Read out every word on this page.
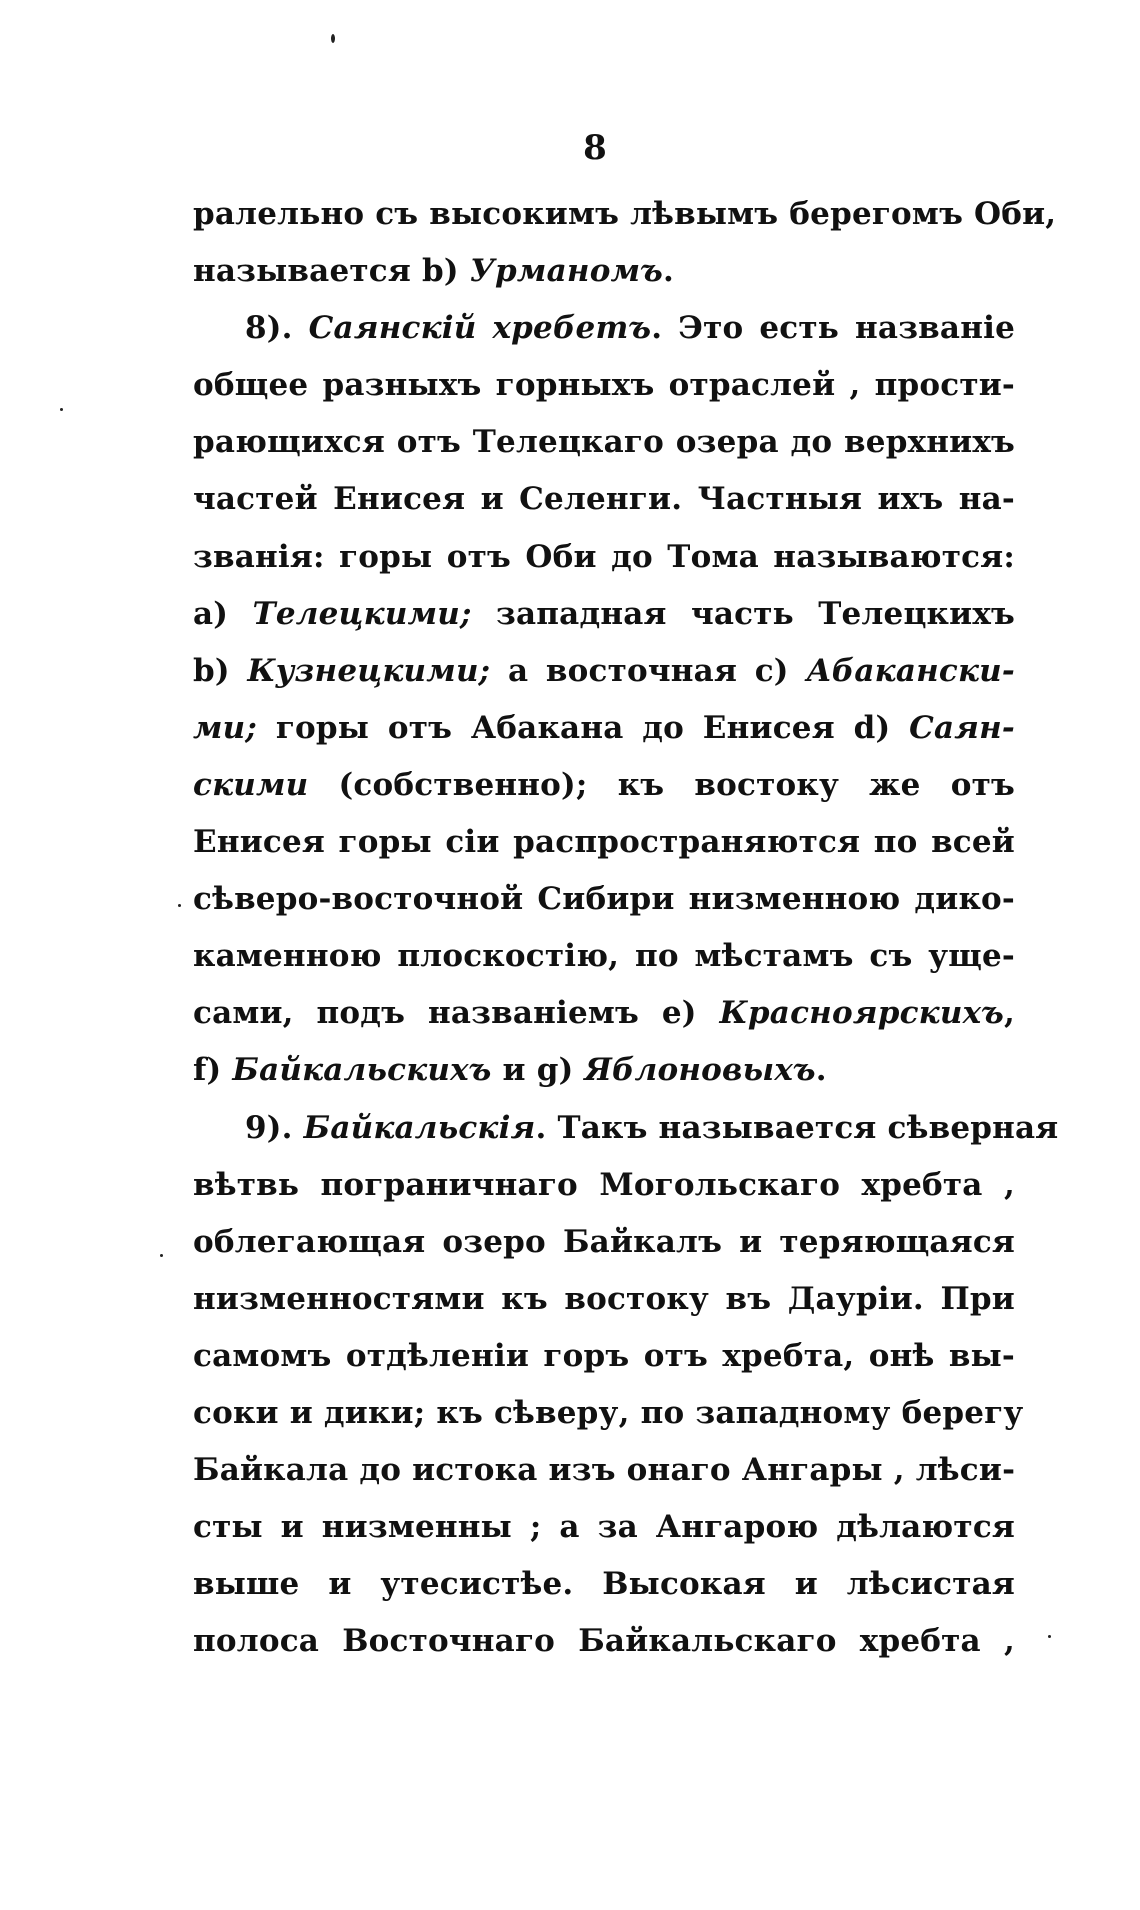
8
ралельно съ высокимъ лѣвымъ берегомъ Оби,
называется b) Урманомъ.
8). Саянскій хребетъ. Это есть названіе
общее разныхъ горныхъ отраслей , прости-
рающихся отъ Телецкаго озера до верхнихъ
частей Енисея и Селенги. Частныя ихъ на-
званія: горы отъ Оби до Тома называются:
a) Телецкими; западная часть Телецкихъ
b) Кузнецкими; а восточная c) Абакански-
ми; горы отъ Абакана до Енисея d) Саян-
скими (собственно); къ востоку же отъ
Енисея горы сіи распространяются по всей
сѣверо-восточной Сибири низменною дико-
каменною плоскостію, по мѣстамъ съ уще-
сами, подъ названіемъ e) Красноярскихъ,
f) Байкальскихъ и g) Яблоновыхъ.
9). Байкальскія. Такъ называется сѣверная
вѣтвь пограничнаго Могольскаго хребта ,
облегающая озеро Байкалъ и теряющаяся
низменностями къ востоку въ Дауріи. При
самомъ отдѣленіи горъ отъ хребта, онѣ вы-
соки и дики; къ сѣверу, по западному берегу
Байкала до истока изъ онаго Ангары , лѣси-
сты и низменны ; а за Ангарою дѣлаются
выше и утесистѣе. Высокая и лѣсистая
полоса Восточнаго Байкальскаго хребта ,
